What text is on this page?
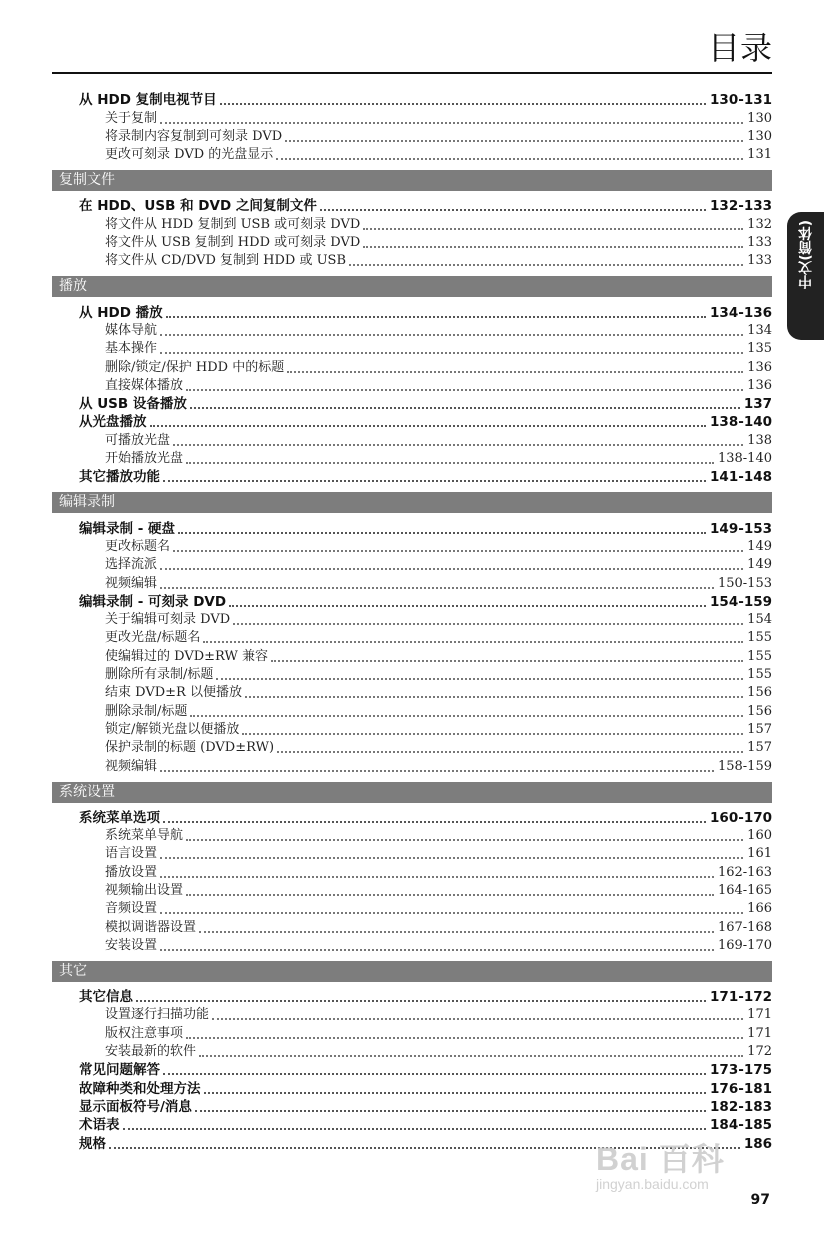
目录
从 HDD 复制电视节目	130-131
关于复制	130
将录制内容复制到可刻录 DVD	130
更改可刻录 DVD 的光盘显示	131
复制文件
在 HDD、USB 和 DVD 之间复制文件	132-133
将文件从 HDD 复制到 USB 或可刻录 DVD	132
将文件从 USB 复制到 HDD 或可刻录 DVD	133
将文件从 CD/DVD 复制到 HDD 或 USB	133
播放
从 HDD 播放	134-136
媒体导航	134
基本操作	135
删除/锁定/保护 HDD 中的标题	136
直接媒体播放	136
从 USB 设备播放	137
从光盘播放	138-140
可播放光盘	138
开始播放光盘	138-140
其它播放功能	141-148
编辑录制
编辑录制 - 硬盘	149-153
更改标题名	149
选择流派	149
视频编辑	150-153
编辑录制 - 可刻录 DVD	154-159
关于编辑可刻录 DVD	154
更改光盘/标题名	155
使编辑过的 DVD±RW 兼容	155
删除所有录制/标题	155
结束 DVD±R 以便播放	156
删除录制/标题	156
锁定/解锁光盘以便播放	157
保护录制的标题 (DVD±RW)	157
视频编辑	158-159
系统设置
系统菜单选项	160-170
系统菜单导航	160
语言设置	161
播放设置	162-163
视频输出设置	164-165
音频设置	166
模拟调谐器设置	167-168
安装设置	169-170
其它
其它信息	171-172
设置逐行扫描功能	171
版权注意事项	171
安装最新的软件	172
常见问题解答	173-175
故障种类和处理方法	176-181
显示面板符号/消息	182-183
术语表	184-185
规格	186
中文(简体)
Bai 百科
jingyan.baidu.com
97
